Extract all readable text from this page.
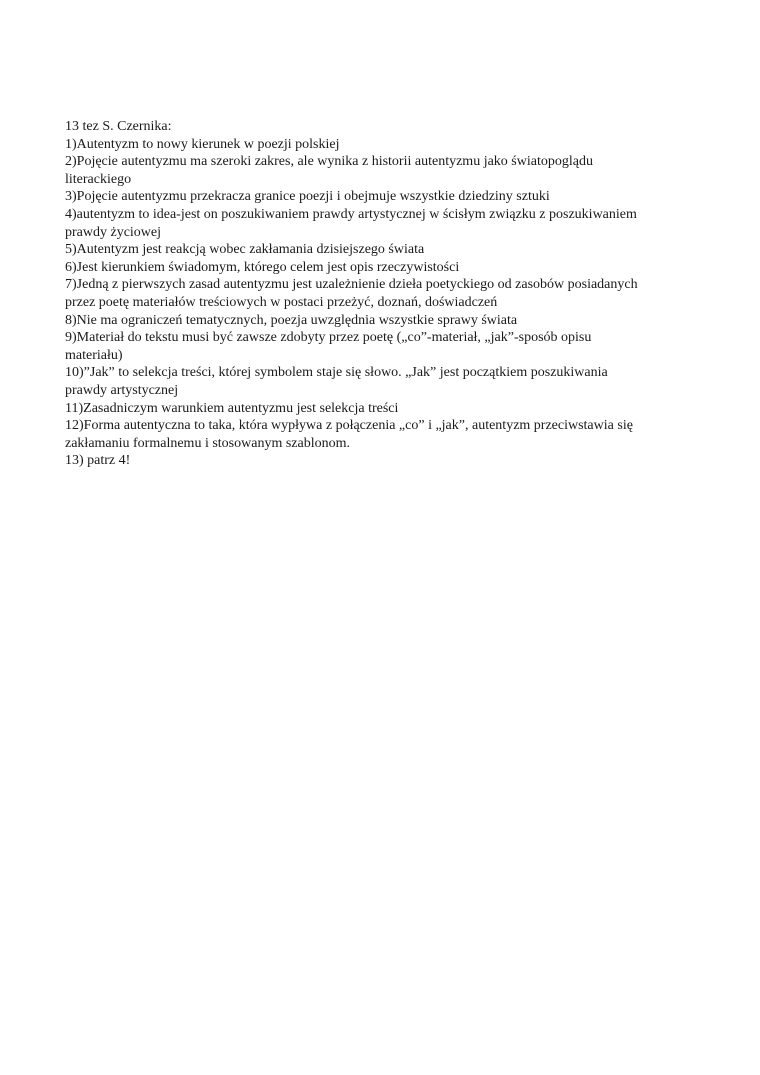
13 tez S. Czernika:
1)Autentyzm to nowy kierunek w poezji polskiej
2)Pojęcie autentyzmu ma szeroki zakres, ale wynika z historii autentyzmu jako światopoglądu
literackiego
3)Pojęcie autentyzmu przekracza granice poezji i obejmuje wszystkie dziedziny sztuki
4)autentyzm to idea-jest on poszukiwaniem prawdy artystycznej w ścisłym związku z poszukiwaniem
prawdy życiowej
5)Autentyzm jest reakcją wobec zakłamania dzisiejszego świata
6)Jest kierunkiem świadomym, którego celem jest opis rzeczywistości
7)Jedną z pierwszych zasad autentyzmu jest uzależnienie dzieła poetyckiego od zasobów posiadanych
przez poetę materiałów treściowych w postaci przeżyć, doznań, doświadczeń
8)Nie ma ograniczeń tematycznych, poezja uwzględnia wszystkie sprawy świata
9)Materiał do tekstu musi być zawsze zdobyty przez poetę („co”-materiał, „jak”-sposób opisu
materiału)
10)”Jak” to selekcja treści, której symbolem staje się słowo. „Jak” jest początkiem poszukiwania
prawdy artystycznej
11)Zasadniczym warunkiem autentyzmu jest selekcja treści
12)Forma autentyczna to taka, która wypływa z połączenia „co” i „jak”, autentyzm przeciwstawia się
zakłamaniu formalnemu i stosowanym szablonom.
13) patrz 4!
